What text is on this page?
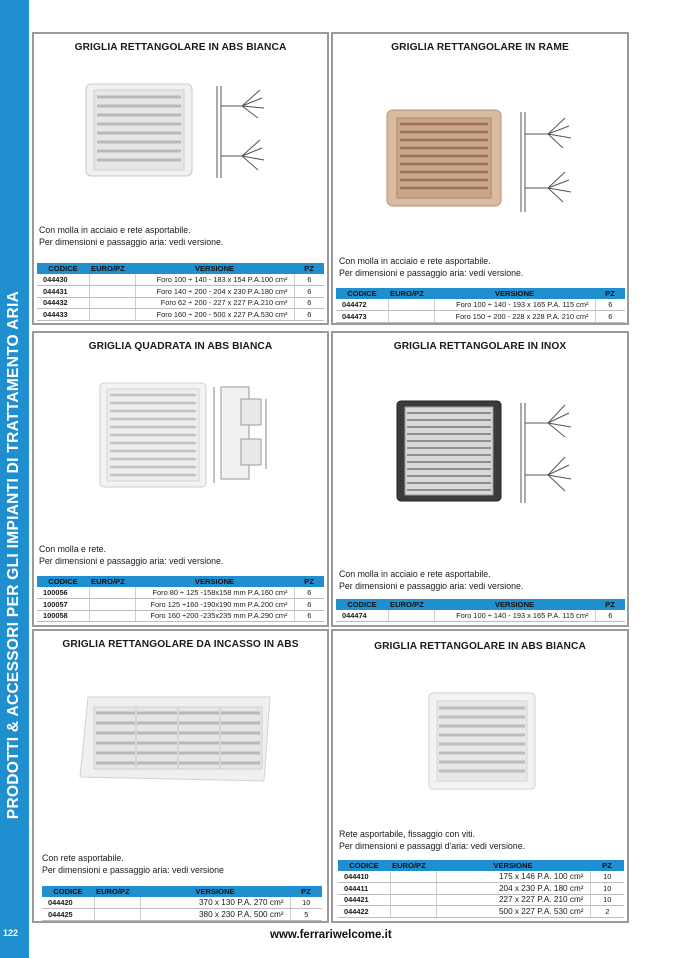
PRODOTTI & ACCESSORI PER GLI IMPIANTI DI TRATTAMENTO ARIA
122
GRIGLIA RETTANGOLARE IN ABS BIANCA
Con molla in acciaio e rete asportabile.
Per dimensioni e passaggio aria: vedi versione.
CODICE	EURO/PZ	VERSIONE	PZ
044430		Foro 100 ÷ 140 - 183 x 154 P.A.100 cm²	6
044431		Foro 140 ÷ 200 - 204 x 230 P.A.180 cm²	6
044432		Foro 62 ÷ 200 - 227 x 227 P.A.210 cm²	6
044433		Foro 160 ÷ 200 - 500 x 227 P.A.530 cm²	6
GRIGLIA RETTANGOLARE IN RAME
Con molla in acciaio e rete asportabile.
Per dimensioni e passaggio aria: vedi versione.
CODICE	EURO/PZ	VERSIONE	PZ
044472		Foro 100 ÷ 140 - 193 x 165 P.A. 115 cm²	6
044473		Foro 150 ÷ 200 - 228 x 228 P.A. 210 cm²	6
GRIGLIA QUADRATA IN ABS BIANCA
Con molla e rete.
Per dimensioni e passaggio aria: vedi versione.
CODICE	EURO/PZ	VERSIONE	PZ
100056		Foro 80 ÷ 125 -158x158 mm P.A.160 cm²	6
100057		Foro 125 ÷160 -190x190 mm P.A.200 cm²	6
100058		Foro 160 ÷200 -235x235 mm P.A.290 cm²	6
GRIGLIA RETTANGOLARE IN INOX
Con molla in acciaio e rete asportabile.
Per dimensioni e passaggio aria: vedi versione.
CODICE	EURO/PZ	VERSIONE	PZ
044474		Foro 100 ÷ 140 - 193 x 165 P.A. 115 cm²	6
GRIGLIA RETTANGOLARE DA INCASSO IN ABS
Con rete asportabile.
Per dimensioni e passaggio aria: vedi versione
CODICE	EURO/PZ	VERSIONE	PZ
044420		370 x 130 P.A. 270 cm²	10
044425		380 x 230 P.A. 500 cm²	5
GRIGLIA RETTANGOLARE IN ABS BIANCA
Rete asportabile, fissaggio con viti.
Per dimensioni e passaggi d'aria: vedi versione.
CODICE	EURO/PZ	VERSIONE	PZ
044410		175 x 146 P.A. 100 cm²	10
044411		204 x 230 P.A. 180 cm²	10
044421		227 x 227 P.A. 210 cm²	10
044422		500 x 227 P.A. 530 cm²	2
www.ferrariwelcome.it
